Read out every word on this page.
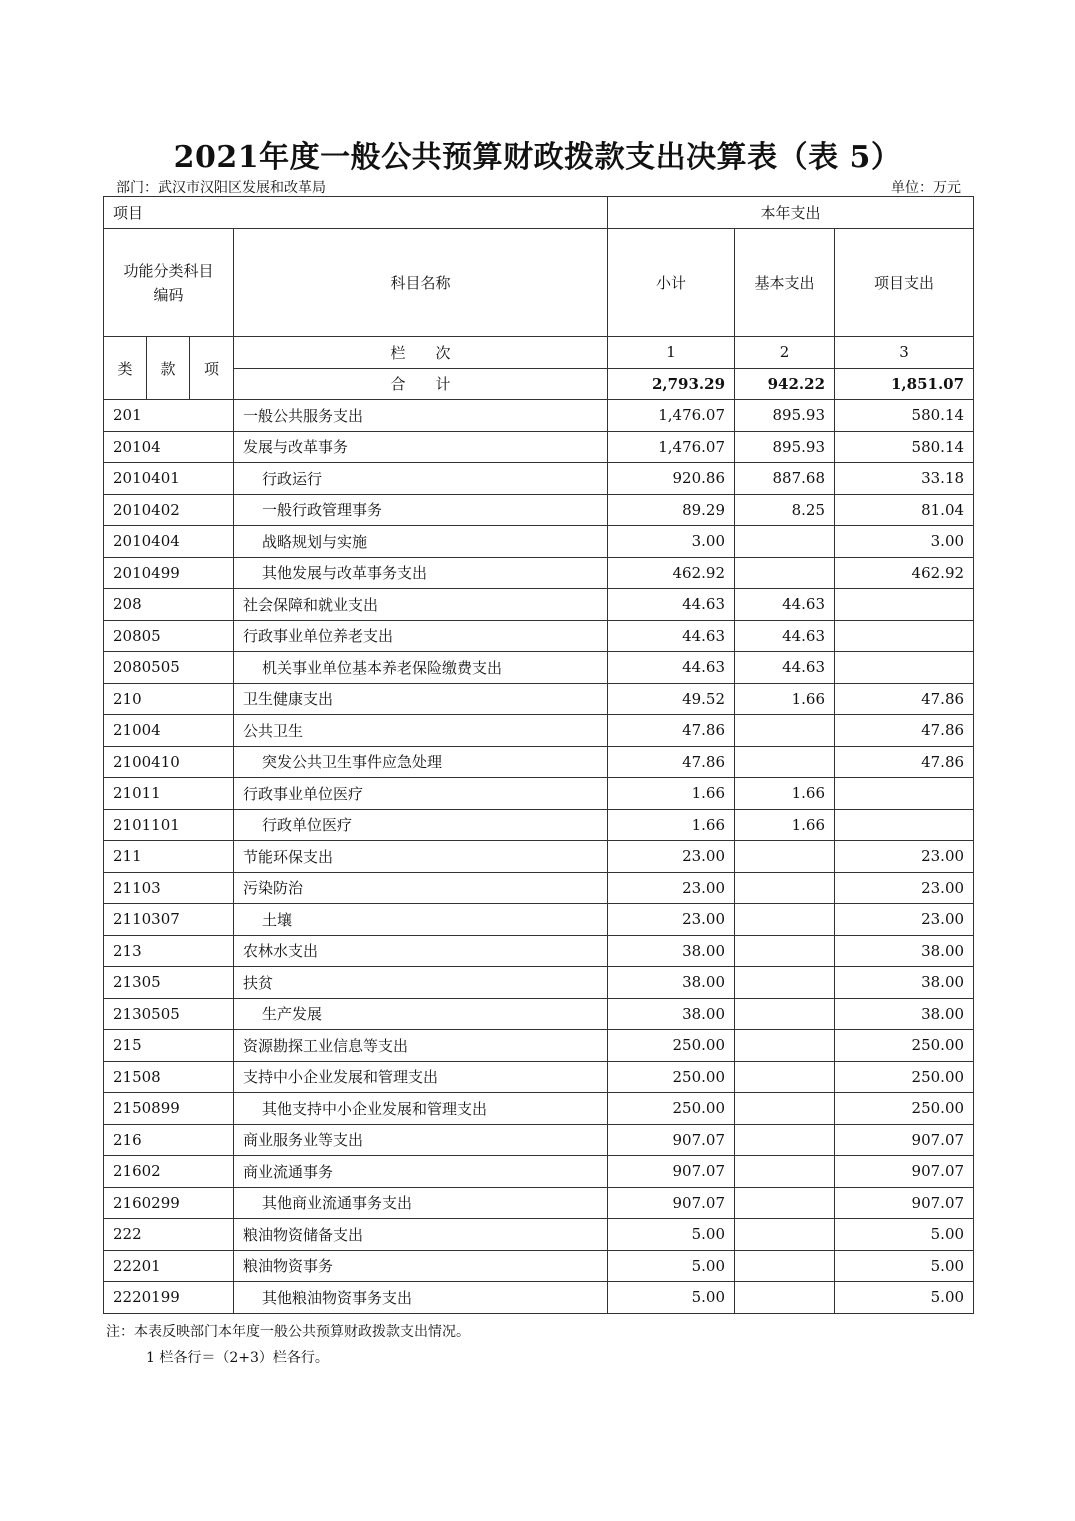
2021年度一般公共预算财政拨款支出决算表（表 5）
部门：武汉市汉阳区发展和改革局	单位：万元
项目				本年支出		

功能分类科目
编码			科目名称	小计	基本支出	项目支出
类	款	项	栏　　次	1	2	3
			合　　计	2,793.29	942.22	1,851.07
201			一般公共服务支出	1,476.07	895.93	580.14
20104			发展与改革事务	1,476.07	895.93	580.14
2010401			行政运行	920.86	887.68	33.18
2010402			一般行政管理事务	89.29	8.25	81.04
2010404			战略规划与实施	3.00		3.00
2010499			其他发展与改革事务支出	462.92		462.92
208			社会保障和就业支出	44.63	44.63	
20805			行政事业单位养老支出	44.63	44.63	
2080505			机关事业单位基本养老保险缴费支出	44.63	44.63	
210			卫生健康支出	49.52	1.66	47.86
21004			公共卫生	47.86		47.86
2100410			突发公共卫生事件应急处理	47.86		47.86
21011			行政事业单位医疗	1.66	1.66	
2101101			行政单位医疗	1.66	1.66	
211			节能环保支出	23.00		23.00
21103			污染防治	23.00		23.00
2110307			土壤	23.00		23.00
213			农林水支出	38.00		38.00
21305			扶贫	38.00		38.00
2130505			生产发展	38.00		38.00
215			资源勘探工业信息等支出	250.00		250.00
21508			支持中小企业发展和管理支出	250.00		250.00
2150899			其他支持中小企业发展和管理支出	250.00		250.00
216			商业服务业等支出	907.07		907.07
21602			商业流通事务	907.07		907.07
2160299			其他商业流通事务支出	907.07		907.07
222			粮油物资储备支出	5.00		5.00
22201			粮油物资事务	5.00		5.00
2220199			其他粮油物资事务支出	5.00		5.00
注：本表反映部门本年度一般公共预算财政拨款支出情况。
1 栏各行＝（2+3）栏各行。
